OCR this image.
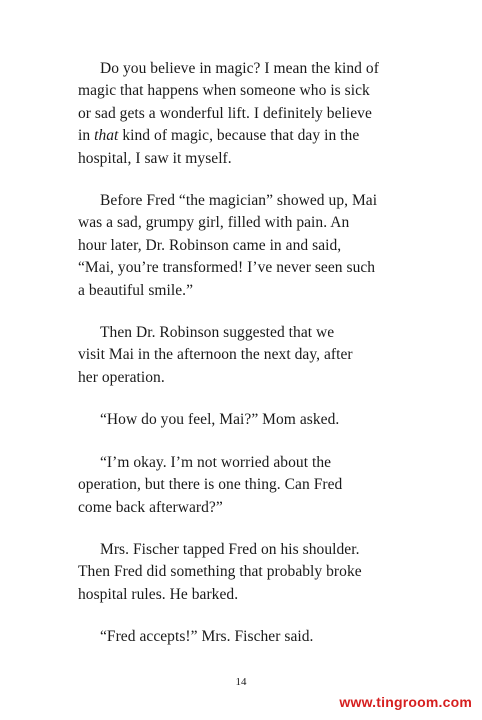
Do you believe in magic? I mean the kind of
magic that happens when someone who is sick
or sad gets a wonderful lift. I definitely believe
in that kind of magic, because that day in the
hospital, I saw it myself.

Before Fred “the magician” showed up, Mai
was a sad, grumpy girl, filled with pain. An
hour later, Dr. Robinson came in and said,
“Mai, you’re transformed! I’ve never seen such
a beautiful smile.”

Then Dr. Robinson suggested that we
visit Mai in the afternoon the next day, after
her operation.

“How do you feel, Mai?” Mom asked.

“I’m okay. I’m not worried about the
operation, but there is one thing. Can Fred
come back afterward?”

Mrs. Fischer tapped Fred on his shoulder.
Then Fred did something that probably broke
hospital rules. He barked.

“Fred accepts!” Mrs. Fischer said.

14
www.tingroom.com
